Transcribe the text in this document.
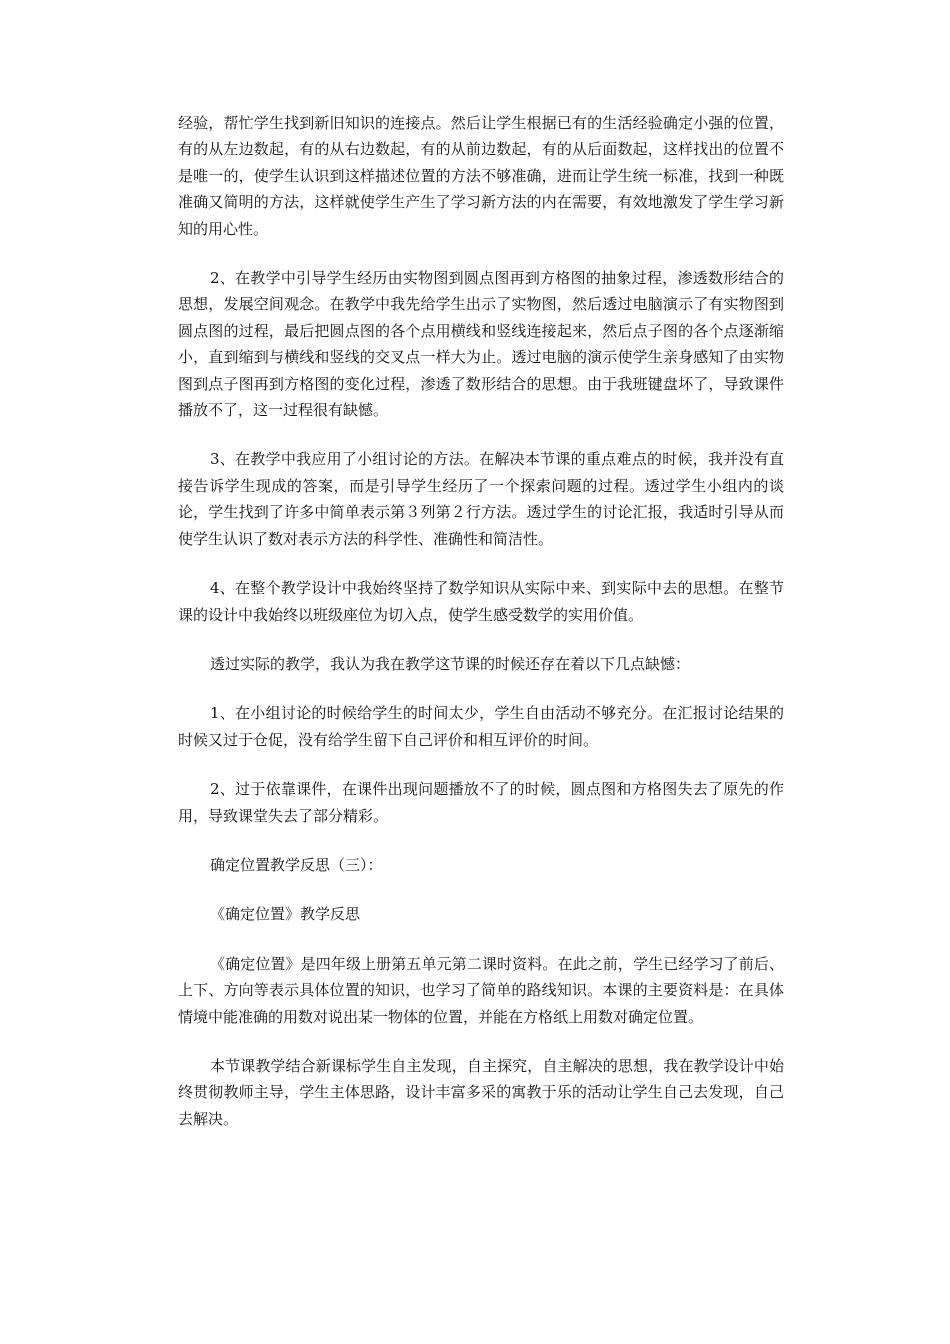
经验，帮忙学生找到新旧知识的连接点。然后让学生根据已有的生活经验确定小强的位置，有的从左边数起，有的从右边数起，有的从前边数起，有的从后面数起，这样找出的位置不是唯一的，使学生认识到这样描述位置的方法不够准确，进而让学生统一标准，找到一种既准确又简明的方法，这样就使学生产生了学习新方法的内在需要，有效地激发了学生学习新知的用心性。

2、在教学中引导学生经历由实物图到圆点图再到方格图的抽象过程，渗透数形结合的思想，发展空间观念。在教学中我先给学生出示了实物图，然后透过电脑演示了有实物图到圆点图的过程，最后把圆点图的各个点用横线和竖线连接起来，然后点子图的各个点逐渐缩小，直到缩到与横线和竖线的交叉点一样大为止。透过电脑的演示使学生亲身感知了由实物图到点子图再到方格图的变化过程，渗透了数形结合的思想。由于我班键盘坏了，导致课件播放不了，这一过程很有缺憾。

3、在教学中我应用了小组讨论的方法。在解决本节课的重点难点的时候，我并没有直接告诉学生现成的答案，而是引导学生经历了一个探索问题的过程。透过学生小组内的谈论，学生找到了许多中简单表示第３列第２行方法。透过学生的讨论汇报，我适时引导从而使学生认识了数对表示方法的科学性、准确性和简洁性。

4、在整个教学设计中我始终坚持了数学知识从实际中来、到实际中去的思想。在整节课的设计中我始终以班级座位为切入点，使学生感受数学的实用价值。

透过实际的教学，我认为我在教学这节课的时候还存在着以下几点缺憾：

1、在小组讨论的时候给学生的时间太少，学生自由活动不够充分。在汇报讨论结果的时候又过于仓促，没有给学生留下自己评价和相互评价的时间。

2、过于依靠课件，在课件出现问题播放不了的时候，圆点图和方格图失去了原先的作用，导致课堂失去了部分精彩。

确定位置教学反思（三）：

《确定位置》教学反思

《确定位置》是四年级上册第五单元第二课时资料。在此之前，学生已经学习了前后、上下、方向等表示具体位置的知识，也学习了简单的路线知识。本课的主要资料是：在具体情境中能准确的用数对说出某一物体的位置，并能在方格纸上用数对确定位置。

本节课教学结合新课标学生自主发现，自主探究，自主解决的思想，我在教学设计中始终贯彻教师主导，学生主体思路，设计丰富多采的寓教于乐的活动让学生自己去发现，自己去解决。
